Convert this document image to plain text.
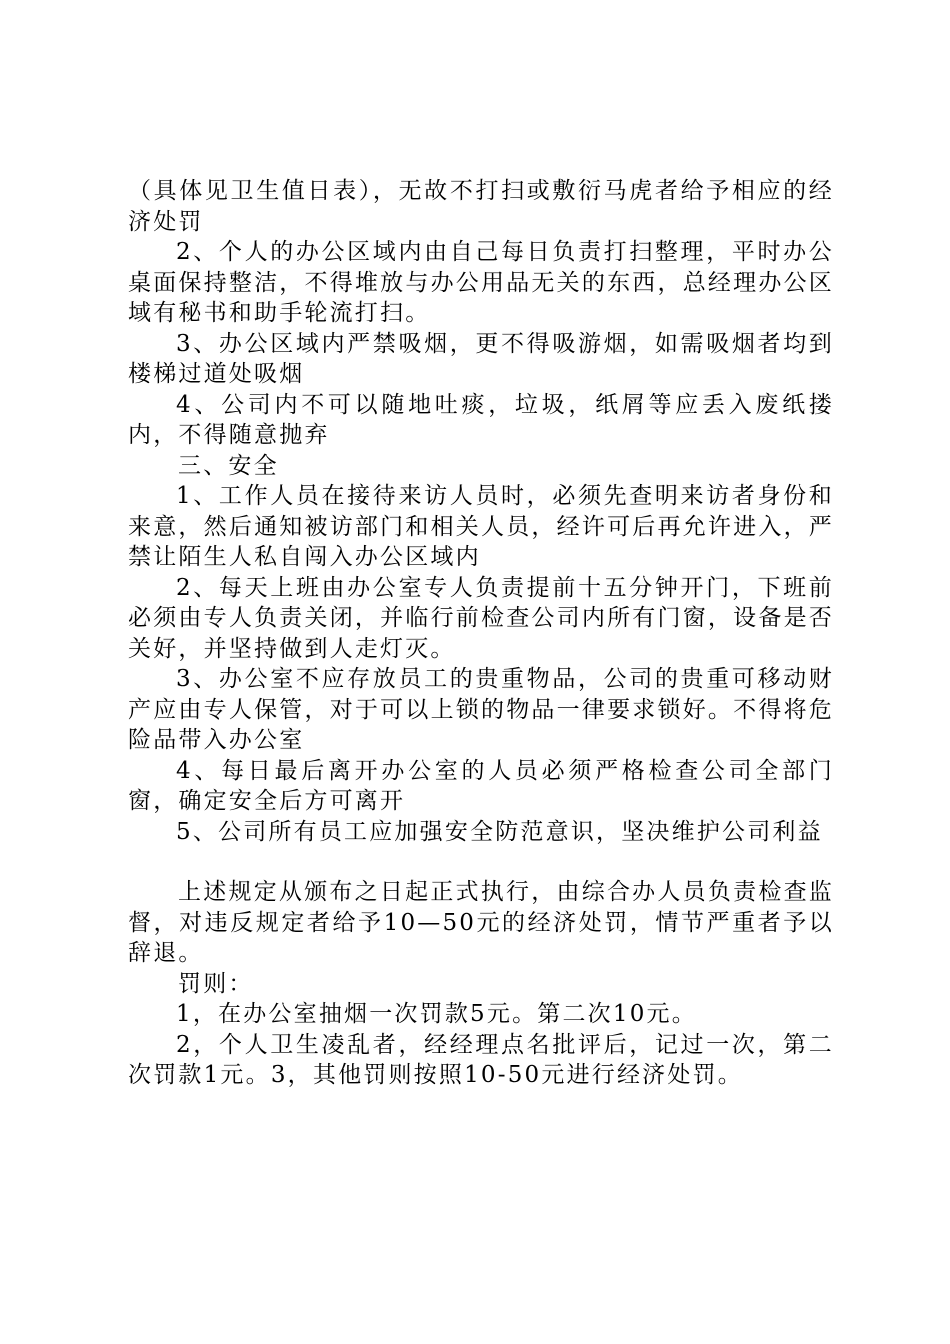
（具体见卫生值日表），无故不打扫或敷衍马虎者给予相应的经济处罚

2、个人的办公区域内由自己每日负责打扫整理，平时办公桌面保持整洁，不得堆放与办公用品无关的东西，总经理办公区域有秘书和助手轮流打扫。

3、办公区域内严禁吸烟，更不得吸游烟，如需吸烟者均到楼梯过道处吸烟

4、公司内不可以随地吐痰，垃圾，纸屑等应丢入废纸搂内，不得随意抛弃

三、安全

1、工作人员在接待来访人员时，必须先查明来访者身份和来意，然后通知被访部门和相关人员，经许可后再允许进入，严禁让陌生人私自闯入办公区域内

2、每天上班由办公室专人负责提前十五分钟开门，下班前必须由专人负责关闭，并临行前检查公司内所有门窗，设备是否关好，并坚持做到人走灯灭。

3、办公室不应存放员工的贵重物品，公司的贵重可移动财产应由专人保管，对于可以上锁的物品一律要求锁好。不得将危险品带入办公室

4、每日最后离开办公室的人员必须严格检查公司全部门窗，确定安全后方可离开

5、公司所有员工应加强安全防范意识，坚决维护公司利益

上述规定从颁布之日起正式执行，由综合办人员负责检查监督，对违反规定者给予10—50元的经济处罚，情节严重者予以辞退。

罚则：

1，在办公室抽烟一次罚款5元。第二次10元。

2，个人卫生凌乱者，经经理点名批评后，记过一次，第二次罚款1元。3，其他罚则按照10-50元进行经济处罚。
